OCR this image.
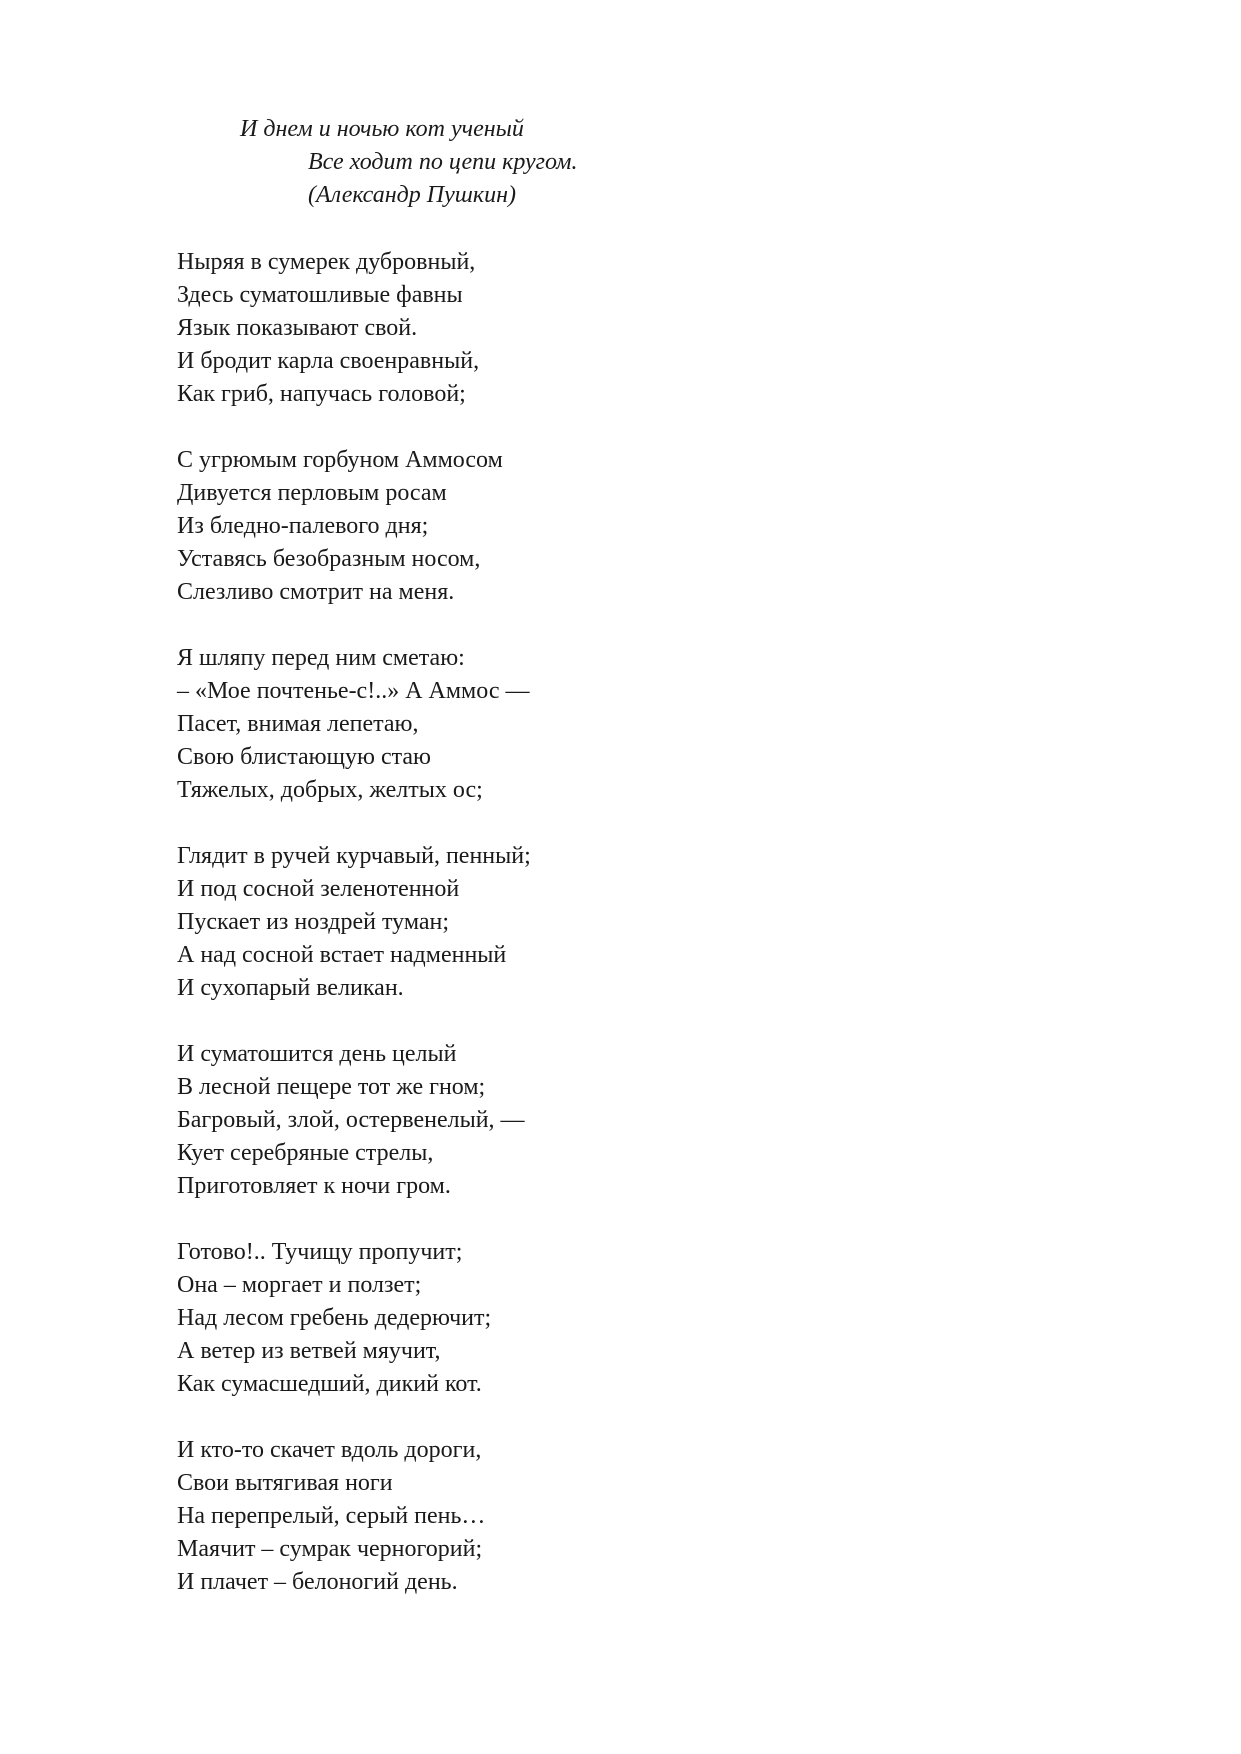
И днем и ночью кот ученый
Все ходит по цепи кругом.
(Александр Пушкин)
Ныряя в сумерек дубровный,
Здесь суматошливые фавны
Язык показывают свой.
И бродит карла своенравный,
Как гриб, напучась головой;
С угрюмым горбуном Аммосом
Дивуется перловым росам
Из бледно-палевого дня;
Уставясь безобразным носом,
Слезливо смотрит на меня.
Я шляпу перед ним сметаю:
– «Мое почтенье-с!..» А Аммос —
Пасет, внимая лепетаю,
Свою блистающую стаю
Тяжелых, добрых, желтых ос;
Глядит в ручей курчавый, пенный;
И под сосной зеленотенной
Пускает из ноздрей туман;
А над сосной встает надменный
И сухопарый великан.
И суматошится день целый
В лесной пещере тот же гном;
Багровый, злой, остервенелый, —
Кует серебряные стрелы,
Приготовляет к ночи гром.
Готово!.. Тучищу пропучит;
Она – моргает и ползет;
Над лесом гребень дедерючит;
А ветер из ветвей мяучит,
Как сумасшедший, дикий кот.
И кто-то скачет вдоль дороги,
Свои вытягивая ноги
На перепрелый, серый пень…
Маячит – сумрак черногорий;
И плачет – белоногий день.
